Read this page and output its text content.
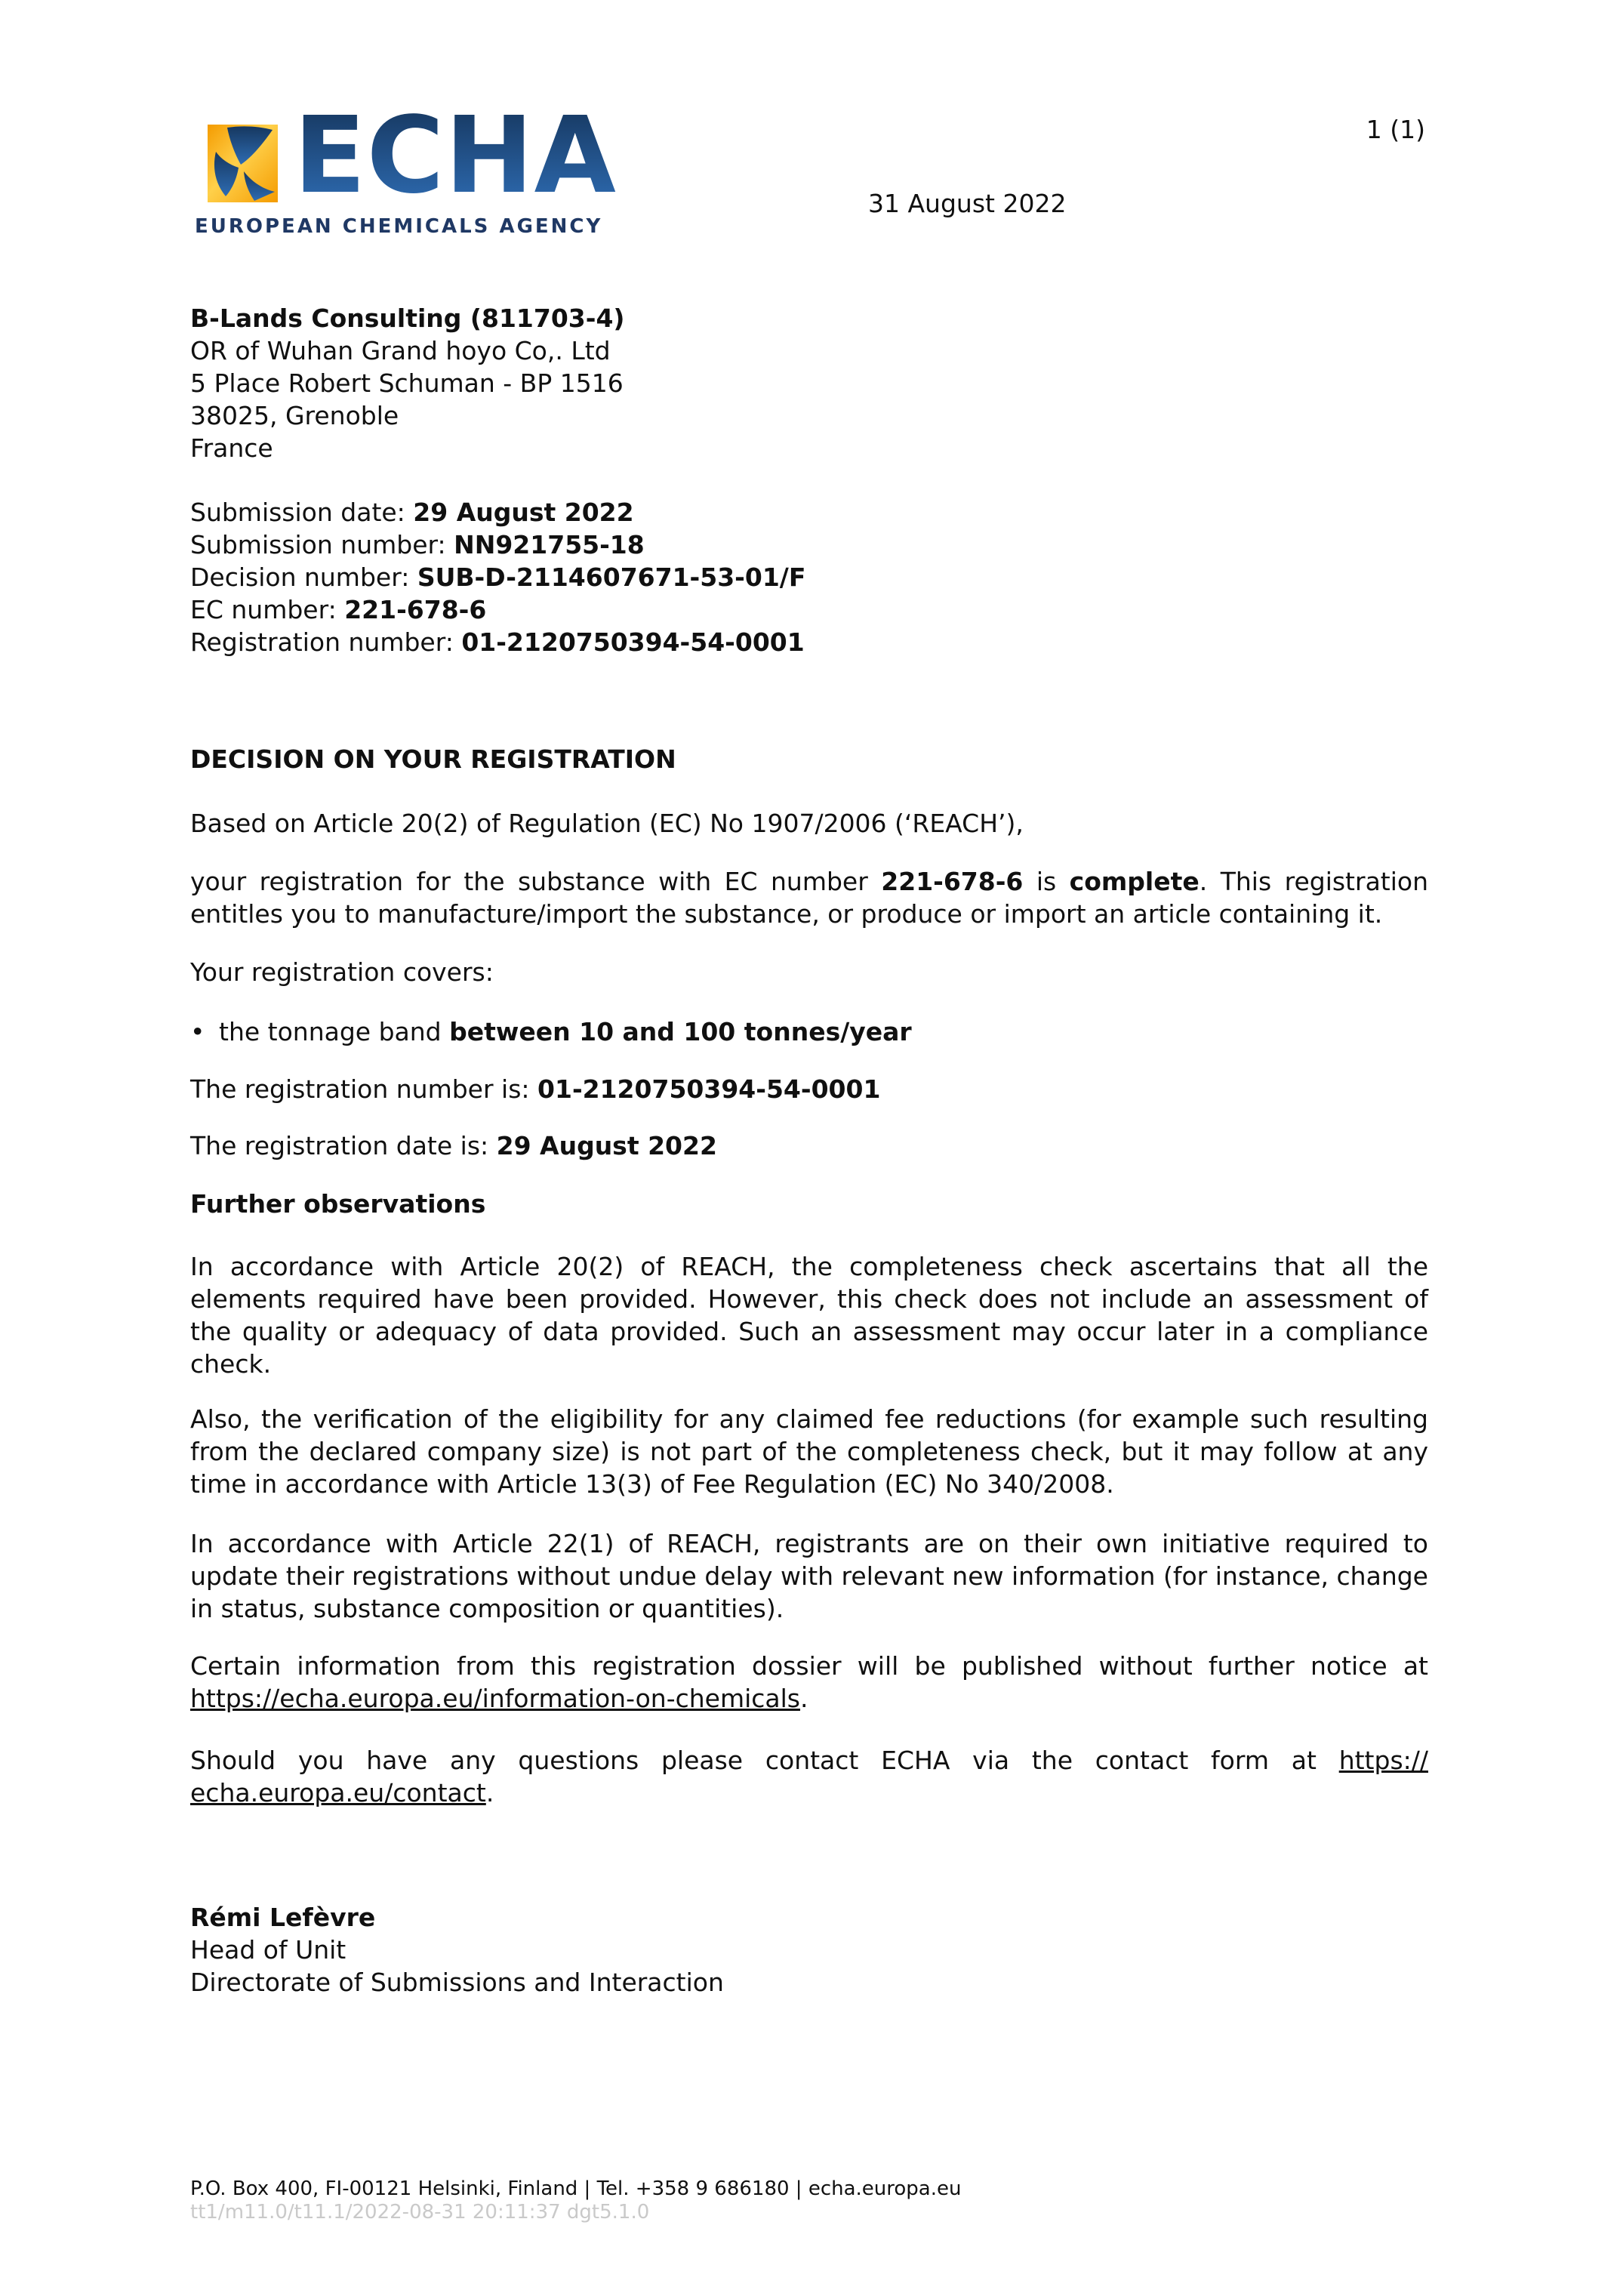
ECHA
EUROPEAN CHEMICALS AGENCY
1 (1)
31 August 2022
B-Lands Consulting (811703-4)
OR of Wuhan Grand hoyo Co,. Ltd
5 Place Robert Schuman - BP 1516
38025, Grenoble
France
Submission date: 29 August 2022
Submission number: NN921755-18
Decision number: SUB-D-2114607671-53-01/F
EC number: 221-678-6
Registration number: 01-2120750394-54-0001
DECISION ON YOUR REGISTRATION

Based on Article 20(2) of Regulation (EC) No 1907/2006 (‘REACH’),

your registration for the substance with EC number 221-678-6 is complete. This registration entitles you to manufacture/import the substance, or produce or import an article containing it.

Your registration covers:

• the tonnage band between 10 and 100 tonnes/year

The registration number is: 01-2120750394-54-0001

The registration date is: 29 August 2022

Further observations

In accordance with Article 20(2) of REACH, the completeness check ascertains that all the elements required have been provided. However, this check does not include an assessment of the quality or adequacy of data provided. Such an assessment may occur later in a compliance check.

Also, the verification of the eligibility for any claimed fee reductions (for example such resulting from the declared company size) is not part of the completeness check, but it may follow at any time in accordance with Article 13(3) of Fee Regulation (EC) No 340/2008.

In accordance with Article 22(1) of REACH, registrants are on their own initiative required to update their registrations without undue delay with relevant new information (for instance, change in status, substance composition or quantities).

Certain information from this registration dossier will be published without further notice at https://echa.europa.eu/information-on-chemicals.

Should you have any questions please contact ECHA via the contact form at https://echa.europa.eu/contact.

Rémi Lefèvre
Head of Unit
Directorate of Submissions and Interaction
P.O. Box 400, FI-00121 Helsinki, Finland | Tel. +358 9 686180 | echa.europa.eu
tt1/m11.0/t11.1/2022-08-31 20:11:37 dgt5.1.0
